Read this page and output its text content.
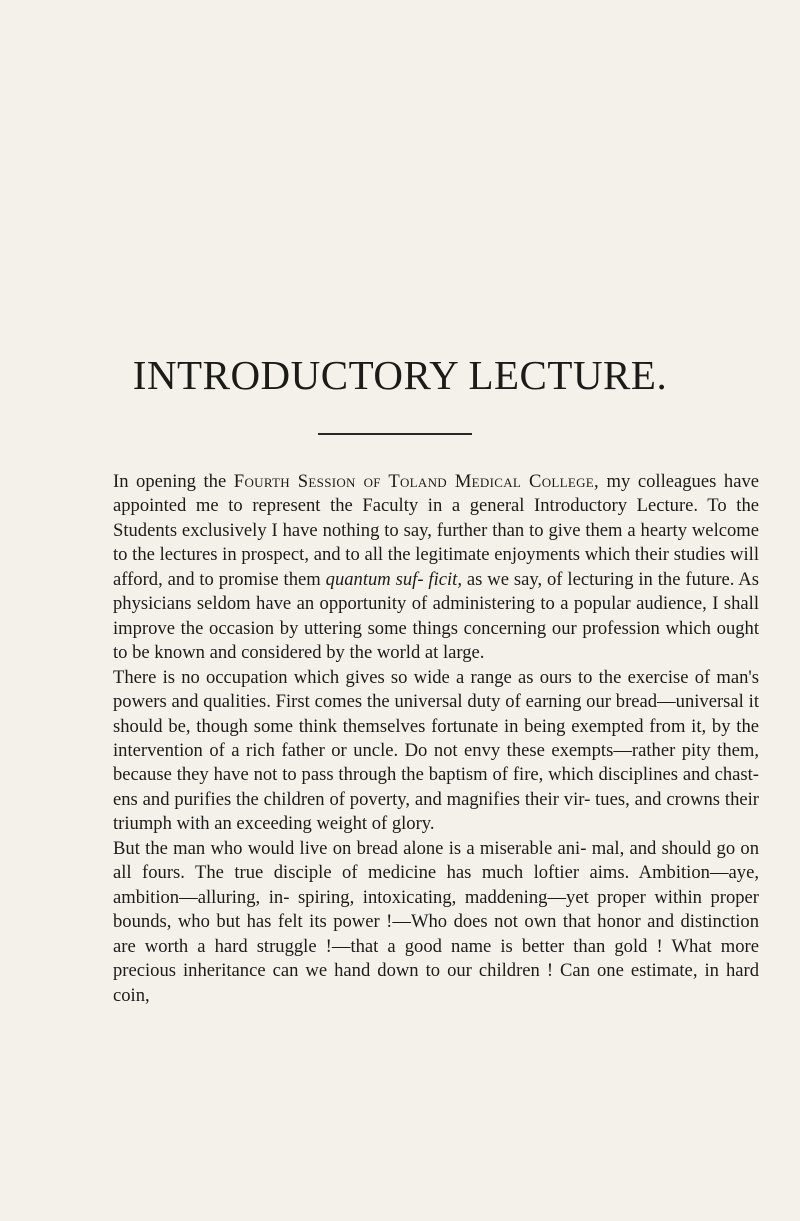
INTRODUCTORY LECTURE.

In opening the Fourth Session of Toland Medical College, my colleagues have appointed me to represent the Faculty in a general Introductory Lecture. To the Students exclusively I have nothing to say, further than to give them a hearty welcome to the lectures in prospect, and to all the legitimate enjoyments which their studies will afford, and to promise them quantum suf- ficit, as we say, of lecturing in the future. As physicians seldom have an opportunity of administering to a popular audience, I shall improve the occasion by uttering some things concerning our profession which ought to be known and considered by the world at large.

There is no occupation which gives so wide a range as ours to the exercise of man's powers and qualities. First comes the universal duty of earning our bread—universal it should be, though some think themselves fortunate in being exempted from it, by the intervention of a rich father or uncle. Do not envy these exempts—rather pity them, because they have not to pass through the baptism of fire, which disciplines and chast- ens and purifies the children of poverty, and magnifies their vir- tues, and crowns their triumph with an exceeding weight of glory.

But the man who would live on bread alone is a miserable ani- mal, and should go on all fours. The true disciple of medicine has much loftier aims. Ambition—aye, ambition—alluring, in- spiring, intoxicating, maddening—yet proper within proper bounds, who but has felt its power !—Who does not own that honor and distinction are worth a hard struggle !—that a good name is better than gold ! What more precious inheritance can we hand down to our children ! Can one estimate, in hard coin,
